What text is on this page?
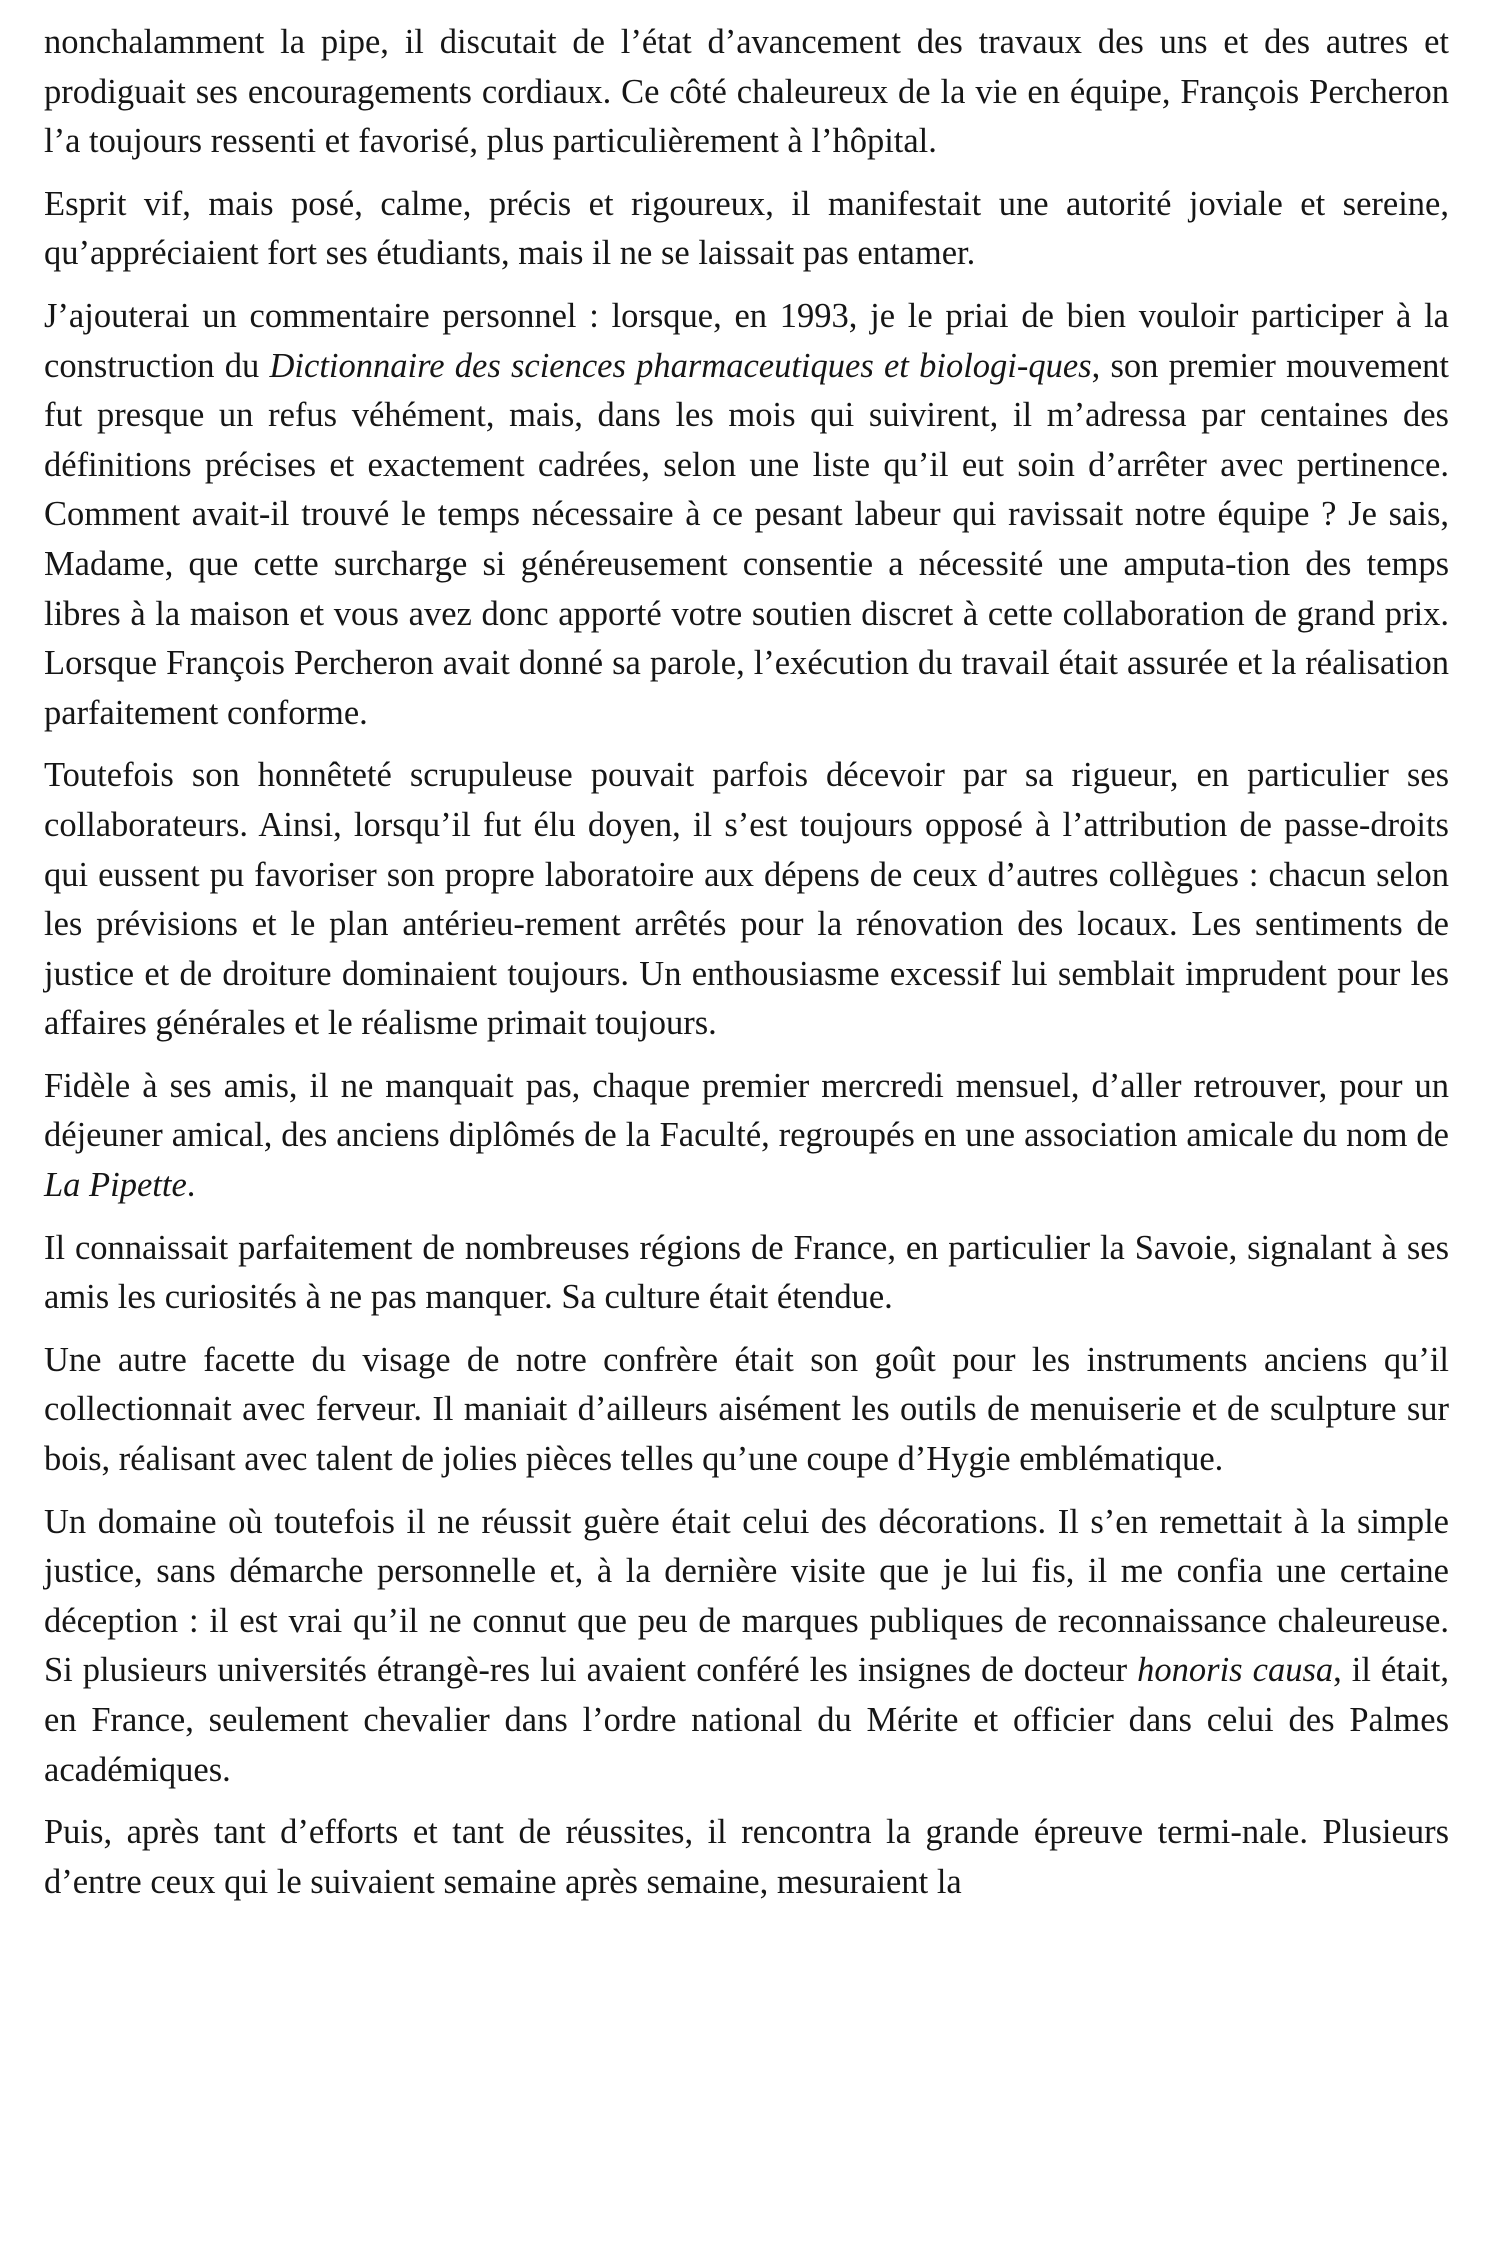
nonchalamment la pipe, il discutait de l’état d’avancement des travaux des uns et des autres et prodiguait ses encouragements cordiaux. Ce côté chaleureux de la vie en équipe, François Percheron l’a toujours ressenti et favorisé, plus particulièrement à l’hôpital.

Esprit vif, mais posé, calme, précis et rigoureux, il manifestait une autorité joviale et sereine, qu’appréciaient fort ses étudiants, mais il ne se laissait pas entamer.

J’ajouterai un commentaire personnel : lorsque, en 1993, je le priai de bien vouloir participer à la construction du Dictionnaire des sciences pharmaceutiques et biologi-ques, son premier mouvement fut presque un refus véhément, mais, dans les mois qui suivirent, il m’adressa par centaines des définitions précises et exactement cadrées, selon une liste qu’il eut soin d’arrêter avec pertinence. Comment avait-il trouvé le temps nécessaire à ce pesant labeur qui ravissait notre équipe ? Je sais, Madame, que cette surcharge si généreusement consentie a nécessité une amputa-tion des temps libres à la maison et vous avez donc apporté votre soutien discret à cette collaboration de grand prix. Lorsque François Percheron avait donné sa parole, l’exécution du travail était assurée et la réalisation parfaitement conforme.

Toutefois son honnêteté scrupuleuse pouvait parfois décevoir par sa rigueur, en particulier ses collaborateurs. Ainsi, lorsqu’il fut élu doyen, il s’est toujours opposé à l’attribution de passe-droits qui eussent pu favoriser son propre laboratoire aux dépens de ceux d’autres collègues : chacun selon les prévisions et le plan antérieu-rement arrêtés pour la rénovation des locaux. Les sentiments de justice et de droiture dominaient toujours. Un enthousiasme excessif lui semblait imprudent pour les affaires générales et le réalisme primait toujours.

Fidèle à ses amis, il ne manquait pas, chaque premier mercredi mensuel, d’aller retrouver, pour un déjeuner amical, des anciens diplômés de la Faculté, regroupés en une association amicale du nom de La Pipette.

Il connaissait parfaitement de nombreuses régions de France, en particulier la Savoie, signalant à ses amis les curiosités à ne pas manquer. Sa culture était étendue.

Une autre facette du visage de notre confrère était son goût pour les instruments anciens qu’il collectionnait avec ferveur. Il maniait d’ailleurs aisément les outils de menuiserie et de sculpture sur bois, réalisant avec talent de jolies pièces telles qu’une coupe d’Hygie emblématique.

Un domaine où toutefois il ne réussit guère était celui des décorations. Il s’en remettait à la simple justice, sans démarche personnelle et, à la dernière visite que je lui fis, il me confia une certaine déception : il est vrai qu’il ne connut que peu de marques publiques de reconnaissance chaleureuse. Si plusieurs universités étrangè-res lui avaient conféré les insignes de docteur honoris causa, il était, en France, seulement chevalier dans l’ordre national du Mérite et officier dans celui des Palmes académiques.

Puis, après tant d’efforts et tant de réussites, il rencontra la grande épreuve termi-nale. Plusieurs d’entre ceux qui le suivaient semaine après semaine, mesuraient la
